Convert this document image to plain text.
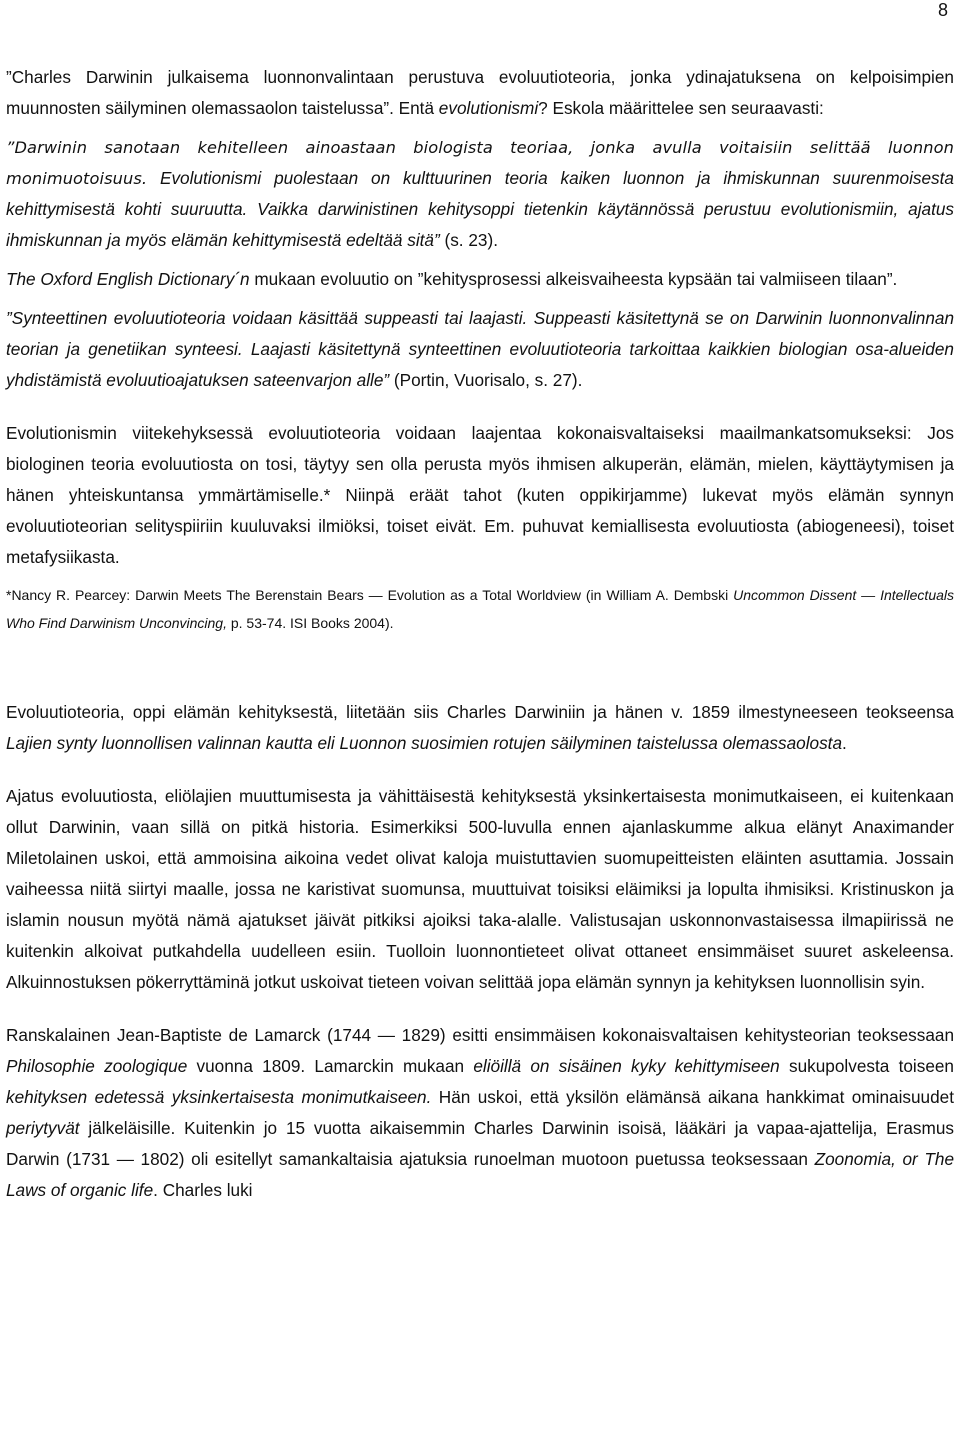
8

”Charles Darwinin julkaisema luonnonvalintaan perustuva evoluutioteoria, jonka ydinajatuksena on kelpoisimpien muunnosten säilyminen olemassaolon taistelussa”. Entä evolutionismi? Eskola määrittelee sen seuraavasti:

”Darwinin sanotaan kehitelleen ainoastaan biologista teoriaa, jonka avulla voitaisiin selittää luonnon monimuotoisuus. Evolutionismi puolestaan on kulttuurinen teoria kaiken luonnon ja ihmiskunnan suurenmoisesta kehittymisestä kohti suuruutta. Vaikka darwinistinen kehitysoppi tietenkin käytännössä perustuu evolutionismiin, ajatus ihmiskunnan ja myös elämän kehittymisestä edeltää sitä” (s. 23).

The Oxford English Dictionary´n mukaan evoluutio on ”kehitysprosessi alkeisvaiheesta kypsään tai valmiiseen tilaan”.

”Synteettinen evoluutioteoria voidaan käsittää suppeasti tai laajasti. Suppeasti käsitettynä se on Darwinin luonnonvalinnan teorian ja genetiikan synteesi. Laajasti käsitettynä synteettinen evoluutioteoria tarkoittaa kaikkien biologian osa-alueiden yhdistämistä evoluutioajatuksen sateenvarjon alle” (Portin, Vuorisalo, s. 27).

Evolutionismin viitekehyksessä evoluutioteoria voidaan laajentaa kokonaisvaltaiseksi maailmankatsomukseksi: Jos biologinen teoria evoluutiosta on tosi, täytyy sen olla perusta myös ihmisen alkuperän, elämän, mielen, käyttäytymisen ja hänen yhteiskuntansa ymmärtämiselle.* Niinpä eräät tahot (kuten oppikirjamme) lukevat myös elämän synnyn evoluutioteorian selityspiiriin kuuluvaksi ilmiöksi, toiset eivät. Em. puhuvat kemiallisesta evoluutiosta (abiogeneesi), toiset metafysiikasta.

*Nancy R. Pearcey: Darwin Meets The Berenstain Bears — Evolution as a Total Worldview (in William A. Dembski Uncommon Dissent — Intellectuals Who Find Darwinism Unconvincing, p. 53-74. ISI Books 2004).

Evoluutioteoria, oppi elämän kehityksestä, liitetään siis Charles Darwiniin ja hänen v. 1859 ilmestyneeseen teokseensa Lajien synty luonnollisen valinnan kautta eli Luonnon suosimien rotujen säilyminen taistelussa olemassaolosta.

Ajatus evoluutiosta, eliölajien muuttumisesta ja vähittäisestä kehityksestä yksinkertaisesta monimutkaiseen, ei kuitenkaan ollut Darwinin, vaan sillä on pitkä historia. Esimerkiksi 500-luvulla ennen ajanlaskumme alkua elänyt Anaximander Miletolainen uskoi, että ammoisina aikoina vedet olivat kaloja muistuttavien suomupeitteisten eläinten asuttamia. Jossain vaiheessa niitä siirtyi maalle, jossa ne karistivat suomunsa, muuttuivat toisiksi eläimiksi ja lopulta ihmisiksi. Kristinuskon ja islamin nousun myötä nämä ajatukset jäivät pitkiksi ajoiksi taka-alalle. Valistusajan uskonnonvastaisessa ilmapiirissä ne kuitenkin alkoivat putkahdella uudelleen esiin. Tuolloin luonnontieteet olivat ottaneet ensimmäiset suuret askeleensa. Alkuinnostuksen pökerryttäminä jotkut uskoivat tieteen voivan selittää jopa elämän synnyn ja kehityksen luonnollisin syin.

Ranskalainen Jean-Baptiste de Lamarck (1744 — 1829) esitti ensimmäisen kokonaisvaltaisen kehitysteorian teoksessaan Philosophie zoologique vuonna 1809. Lamarckin mukaan eliöillä on sisäinen kyky kehittymiseen sukupolvesta toiseen kehityksen edetessä yksinkertaisesta monimutkaiseen. Hän uskoi, että yksilön elämänsä aikana hankkimat ominaisuudet periytyvät jälkeläisille. Kuitenkin jo 15 vuotta aikaisemmin Charles Darwinin isoisä, lääkäri ja vapaa-ajattelija, Erasmus Darwin (1731 — 1802) oli esitellyt samankaltaisia ajatuksia runoelman muotoon puetussa teoksessaan Zoonomia, or The Laws of organic life. Charles luki
